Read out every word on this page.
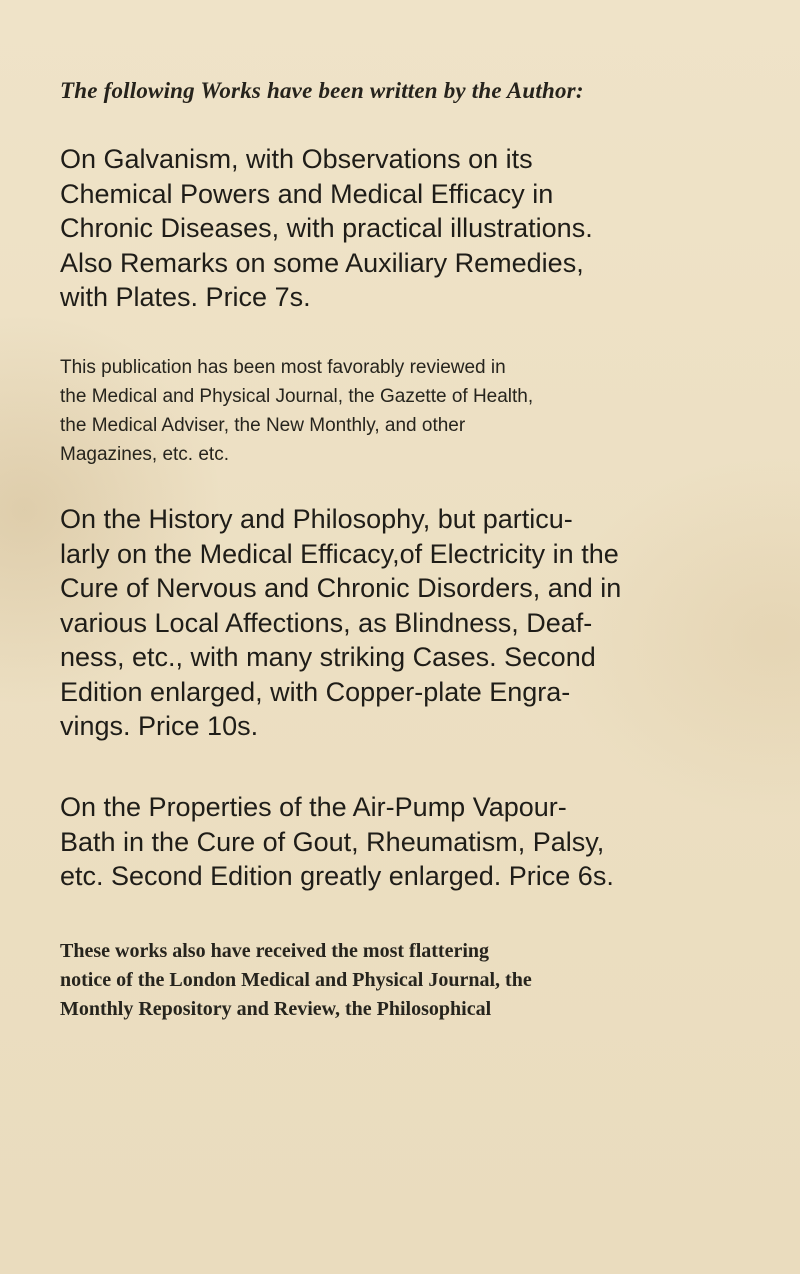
The following Works have been written by the Author:
On Galvanism, with Observations on its
Chemical Powers and Medical Efficacy in
Chronic Diseases, with practical illustrations.
Also Remarks on some Auxiliary Remedies,
with Plates. Price 7s.
This publication has been most favorably reviewed in
the Medical and Physical Journal, the Gazette of Health,
the Medical Adviser, the New Monthly, and other
Magazines, etc. etc.
On the History and Philosophy, but particu-
larly on the Medical Efficacy,of Electricity in the
Cure of Nervous and Chronic Disorders, and in
various Local Affections, as Blindness, Deaf-
ness, etc., with many striking Cases. Second
Edition enlarged, with Copper-plate Engra-
vings. Price 10s.
On the Properties of the Air-Pump Vapour-
Bath in the Cure of Gout, Rheumatism, Palsy,
etc. Second Edition greatly enlarged. Price 6s.
These works also have received the most flattering
notice of the London Medical and Physical Journal, the
Monthly Repository and Review, the Philosophical
